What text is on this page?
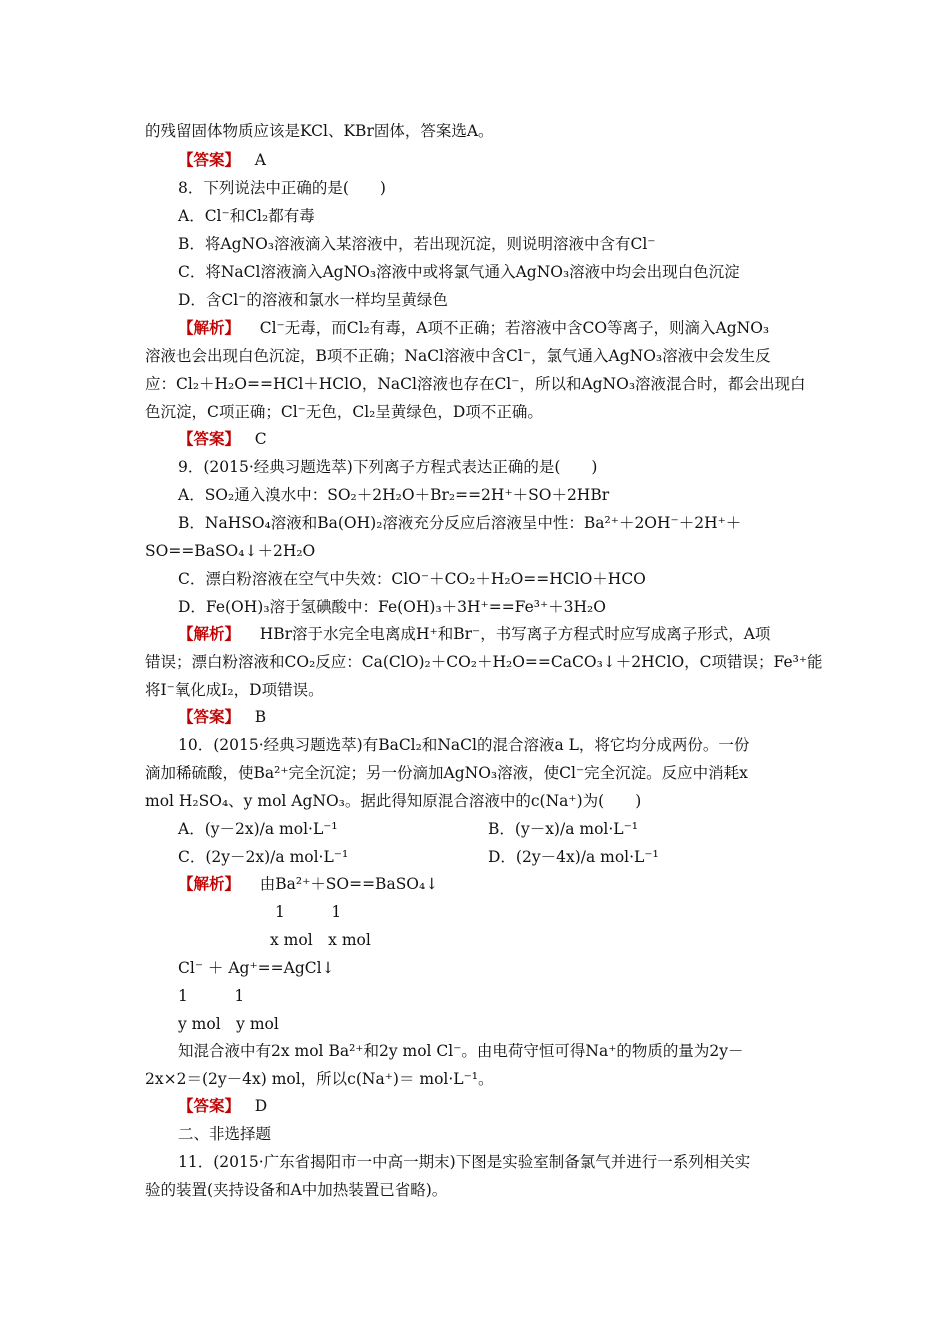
的残留固体物质应该是KCl、KBr固体，答案选A。
【答案】 A
8．下列说法中正确的是(　　)
A．Cl⁻和Cl₂都有毒
B．将AgNO₃溶液滴入某溶液中，若出现沉淀，则说明溶液中含有Cl⁻
C．将NaCl溶液滴入AgNO₃溶液中或将氯气通入AgNO₃溶液中均会出现白色沉淀
D．含Cl⁻的溶液和氯水一样均呈黄绿色
【解析】 Cl⁻无毒，而Cl₂有毒，A项不正确；若溶液中含CO等离子，则滴入AgNO₃
溶液也会出现白色沉淀，B项不正确；NaCl溶液中含Cl⁻，氯气通入AgNO₃溶液中会发生反
应：Cl₂＋H₂O==HCl＋HClO，NaCl溶液也存在Cl⁻，所以和AgNO₃溶液混合时，都会出现白
色沉淀，C项正确；Cl⁻无色，Cl₂呈黄绿色，D项不正确。
【答案】 C
9．(2015·经典习题选萃)下列离子方程式表达正确的是(　　)
A．SO₂通入溴水中：SO₂＋2H₂O＋Br₂==2H⁺＋SO＋2HBr
B．NaHSO₄溶液和Ba(OH)₂溶液充分反应后溶液呈中性：Ba²⁺＋2OH⁻＋2H⁺＋
SO==BaSO₄↓＋2H₂O
C．漂白粉溶液在空气中失效：ClO⁻＋CO₂＋H₂O==HClO＋HCO
D．Fe(OH)₃溶于氢碘酸中：Fe(OH)₃＋3H⁺==Fe³⁺＋3H₂O
【解析】 HBr溶于水完全电离成H⁺和Br⁻，书写离子方程式时应写成离子形式，A项
错误；漂白粉溶液和CO₂反应：Ca(ClO)₂＋CO₂＋H₂O==CaCO₃↓＋2HClO，C项错误；Fe³⁺能
将I⁻氧化成I₂，D项错误。
【答案】 B
10．(2015·经典习题选萃)有BaCl₂和NaCl的混合溶液a L，将它均分成两份。一份
滴加稀硫酸，使Ba²⁺完全沉淀；另一份滴加AgNO₃溶液，使Cl⁻完全沉淀。反应中消耗x
mol H₂SO₄、y mol AgNO₃。据此得知原混合溶液中的c(Na⁺)为(　　)
A．(y－2x)/a mol·L⁻¹	B．(y－x)/a mol·L⁻¹
C．(2y－2x)/a mol·L⁻¹	D．(2y－4x)/a mol·L⁻¹
【解析】 由Ba²⁺＋SO==BaSO₄↓
1　　　1
x mol　x mol
Cl⁻ ＋ Ag⁺==AgCl↓
1　　　1
y mol　y mol
知混合液中有2x mol Ba²⁺和2y mol Cl⁻。由电荷守恒可得Na⁺的物质的量为2y－
2x×2＝(2y－4x) mol，所以c(Na⁺)＝ mol·L⁻¹。
【答案】 D
二、非选择题
11．(2015·广东省揭阳市一中高一期末)下图是实验室制备氯气并进行一系列相关实
验的装置(夹持设备和A中加热装置已省略)。
